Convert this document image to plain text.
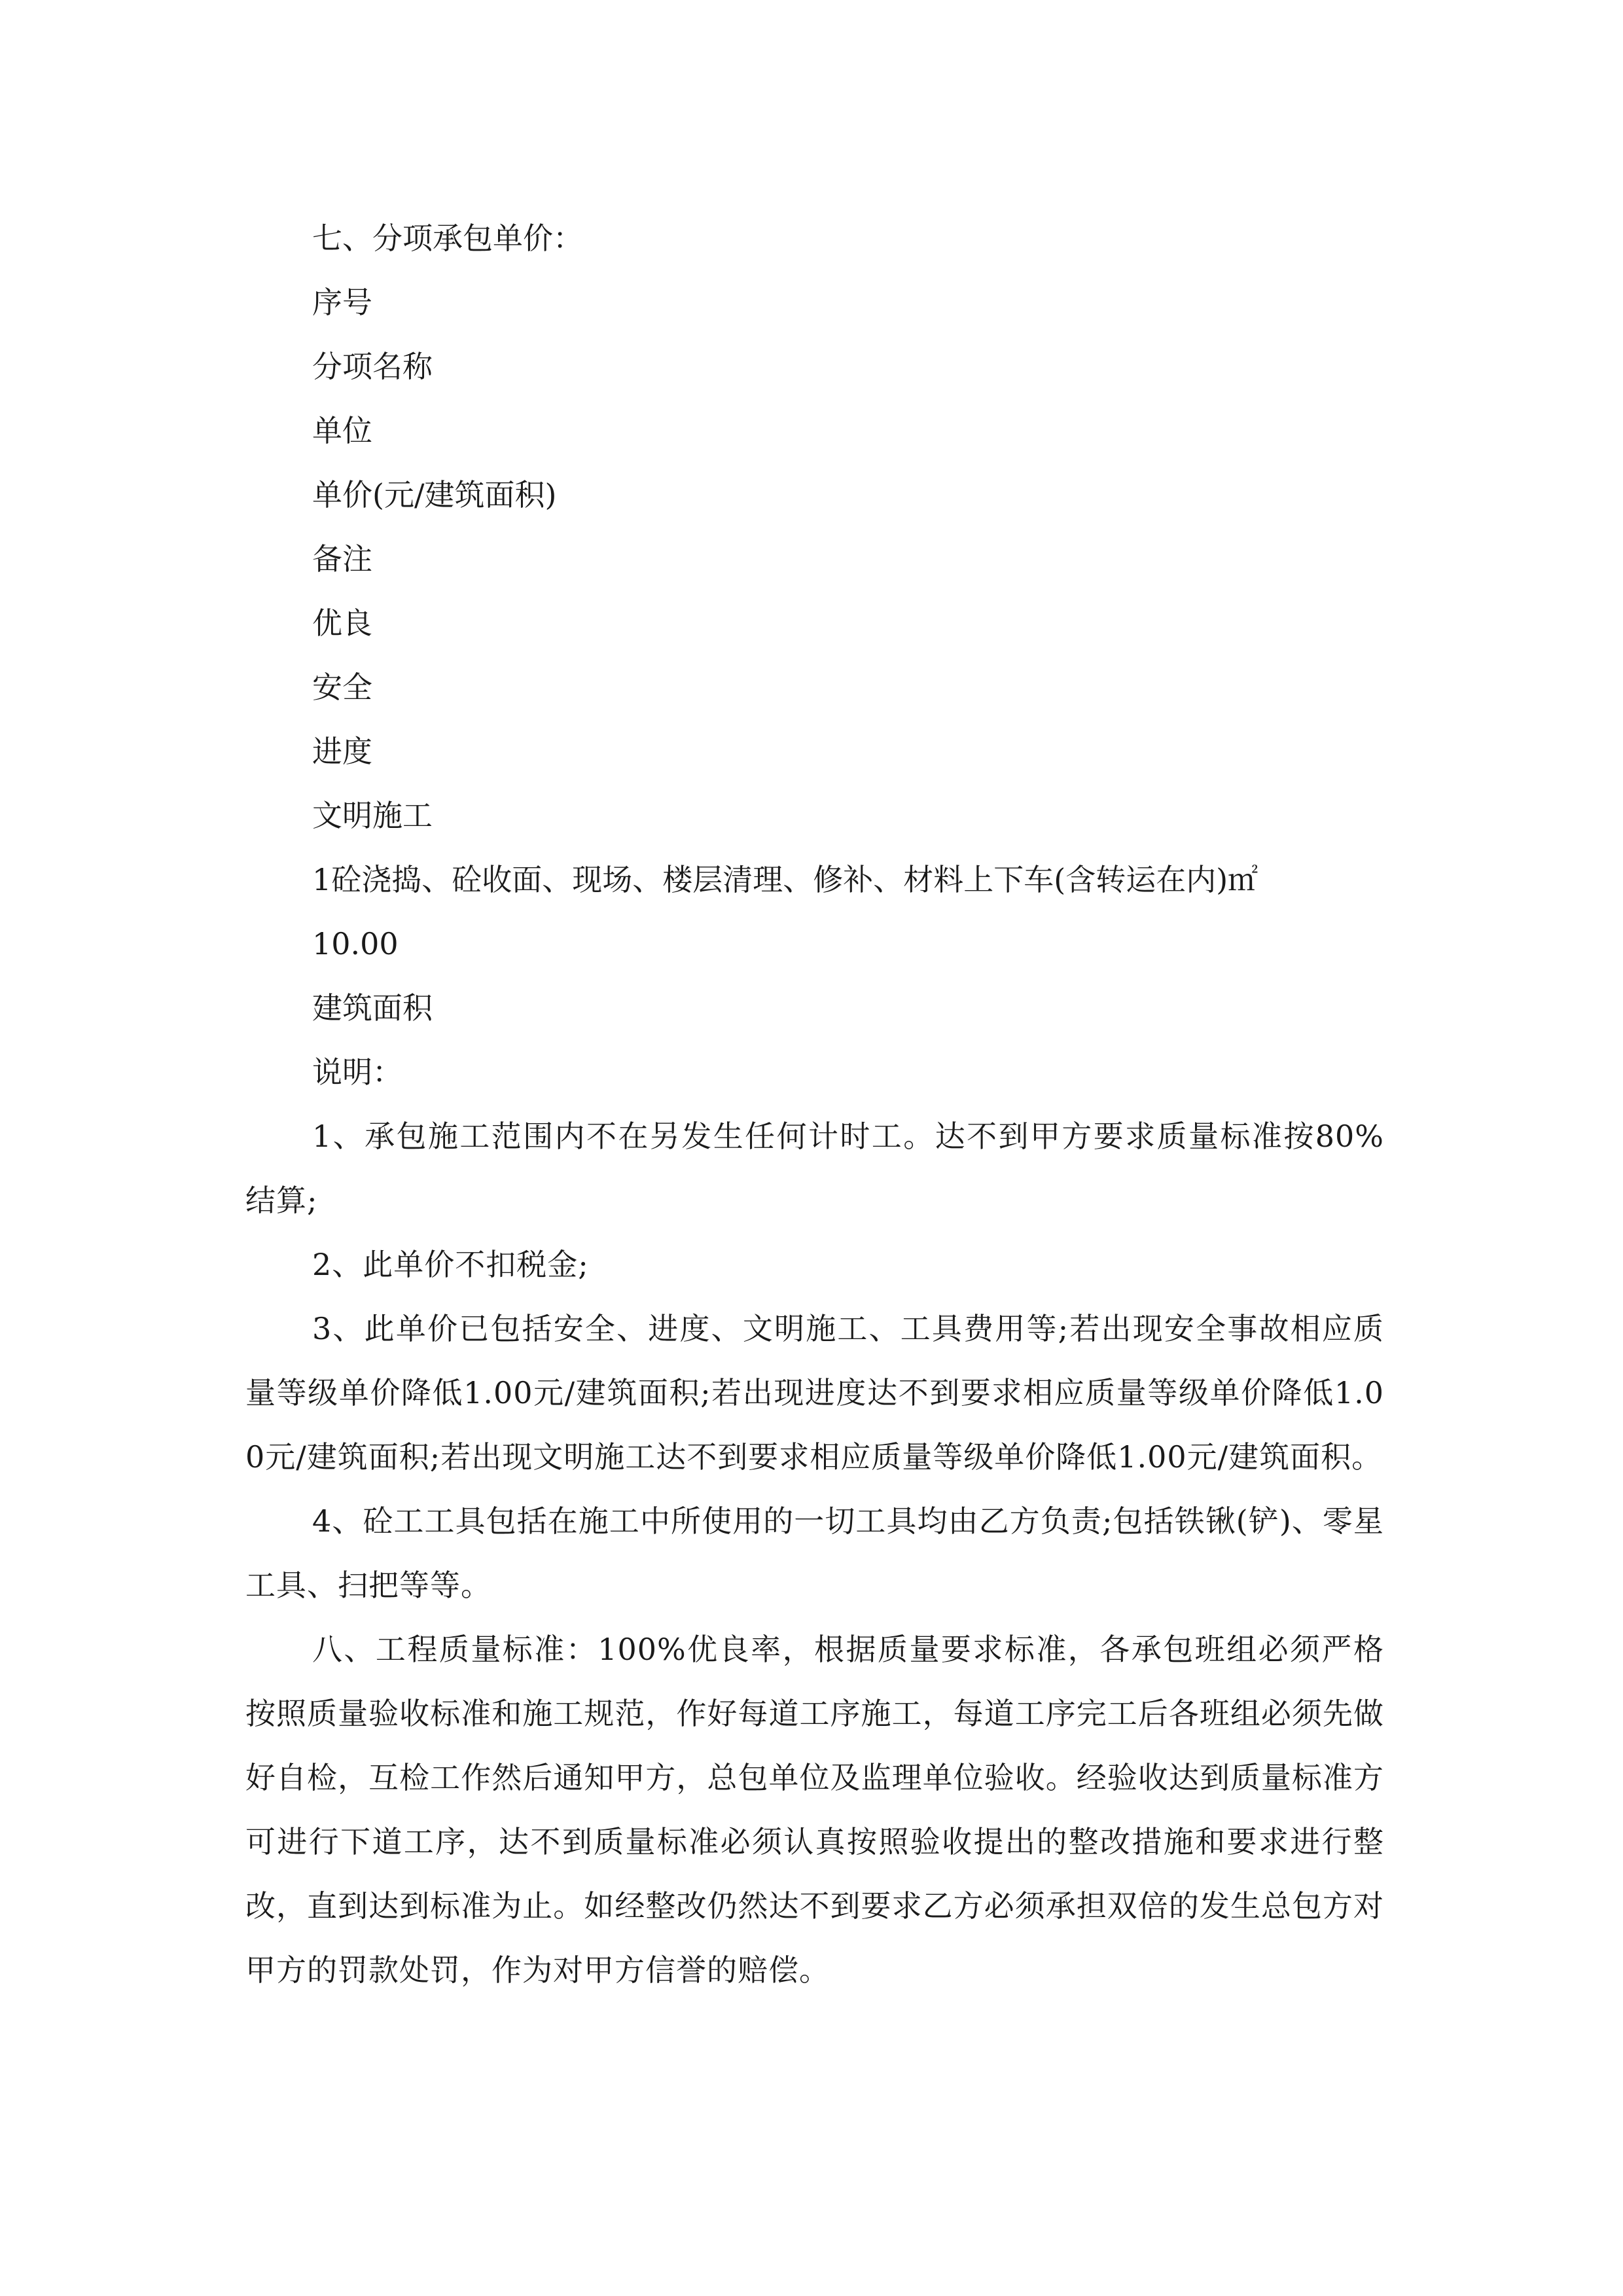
七、分项承包单价：

序号

分项名称

单位

单价(元/建筑面积)

备注

优良

安全

进度

文明施工

1砼浇捣、砼收面、现场、楼层清理、修补、材料上下车(含转运在内)㎡

10.00

建筑面积

说明：

1、承包施工范围内不在另发生任何计时工。达不到甲方要求质量标准按80%结算;

2、此单价不扣税金;

3、此单价已包括安全、进度、文明施工、工具费用等;若出现安全事故相应质量等级单价降低1.00元/建筑面积;若出现进度达不到要求相应质量等级单价降低1.00元/建筑面积;若出现文明施工达不到要求相应质量等级单价降低1.00元/建筑面积。

4、砼工工具包括在施工中所使用的一切工具均由乙方负责;包括铁锹(铲)、零星工具、扫把等等。

八、工程质量标准：100%优良率，根据质量要求标准，各承包班组必须严格按照质量验收标准和施工规范，作好每道工序施工，每道工序完工后各班组必须先做好自检，互检工作然后通知甲方，总包单位及监理单位验收。经验收达到质量标准方可进行下道工序，达不到质量标准必须认真按照验收提出的整改措施和要求进行整改，直到达到标准为止。如经整改仍然达不到要求乙方必须承担双倍的发生总包方对甲方的罚款处罚，作为对甲方信誉的赔偿。
